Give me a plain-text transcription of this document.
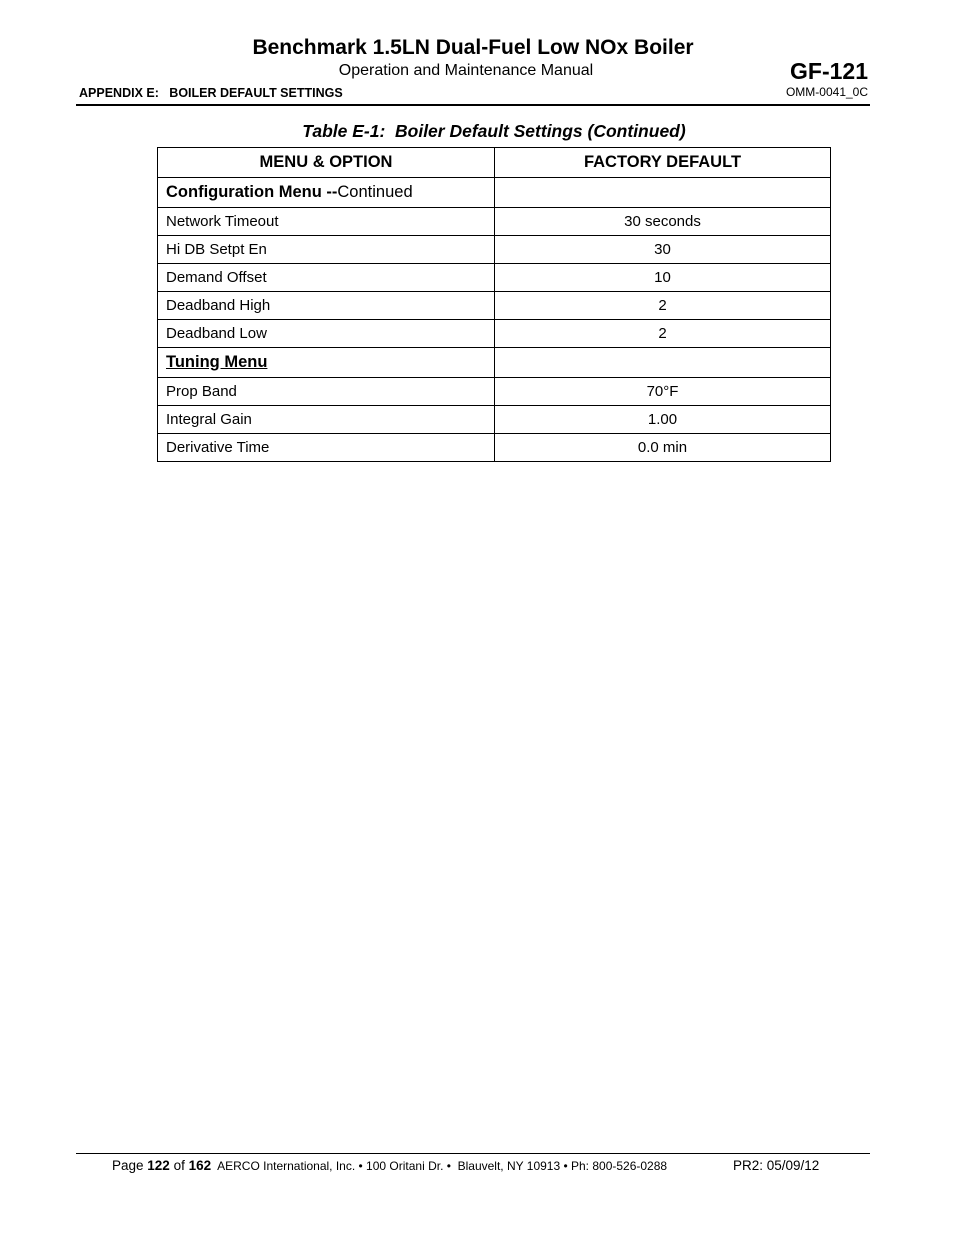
Benchmark 1.5LN Dual-Fuel Low NOx Boiler
Operation and Maintenance Manual	GF-121
APPENDIX E:   BOILER DEFAULT SETTINGS	OMM-0041_0C
Table E-1:  Boiler Default Settings (Continued)
MENU & OPTION	FACTORY DEFAULT
Configuration Menu --Continued	
Network Timeout	30 seconds
Hi DB Setpt En	30
Demand Offset	10
Deadband High	2
Deadband Low	2
Tuning Menu	
Prop Band	70°F
Integral Gain	1.00
Derivative Time	0.0 min
Page 122 of 162  AERCO International, Inc. • 100 Oritani Dr. •  Blauvelt, NY 10913 • Ph: 800-526-0288	PR2: 05/09/12
